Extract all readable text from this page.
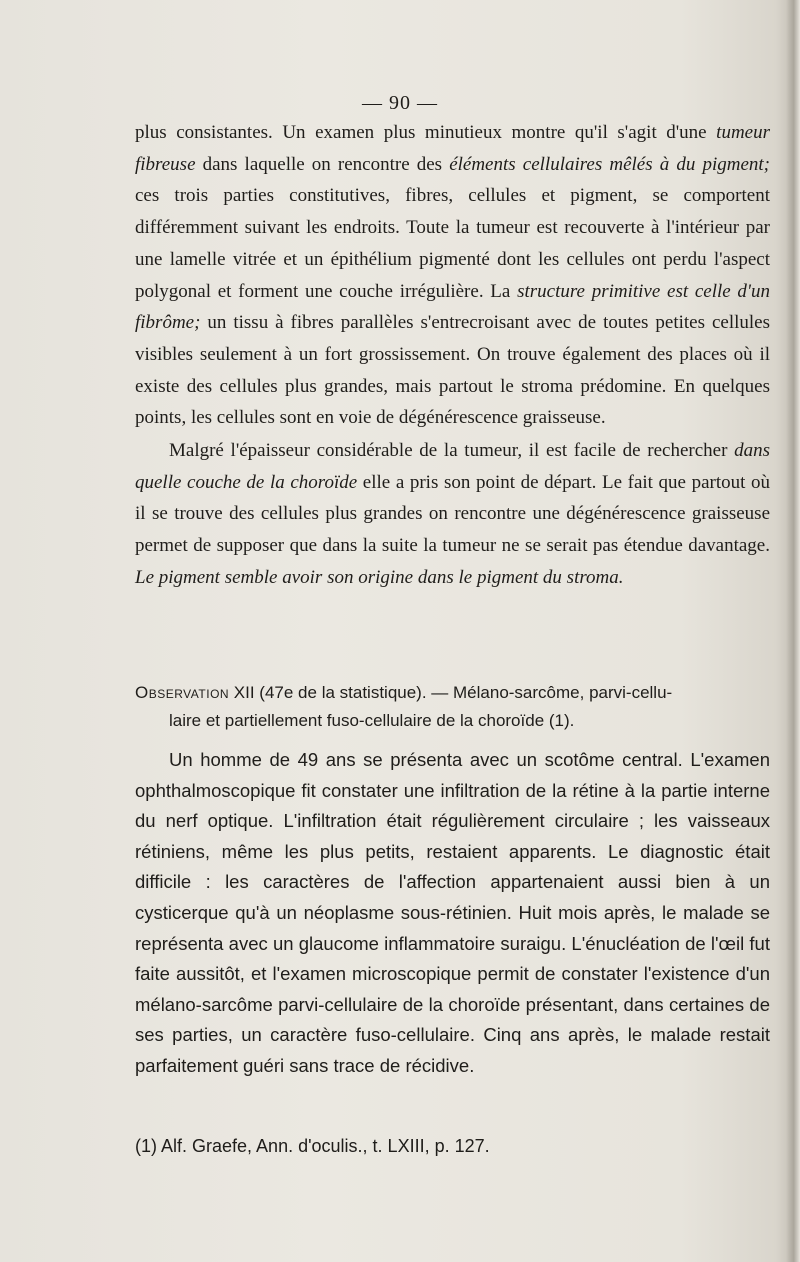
— 90 —
plus consistantes. Un examen plus minutieux montre qu'il s'agit d'une tumeur fibreuse dans laquelle on rencontre des éléments cellulaires mêlés à du pigment; ces trois parties constitutives, fibres, cellules et pigment, se comportent différemment suivant les endroits. Toute la tumeur est recouverte à l'intérieur par une lamelle vitrée et un épithélium pigmenté dont les cellules ont perdu l'aspect polygonal et forment une couche irrégulière. La structure primitive est celle d'un fibrôme; un tissu à fibres parallèles s'entrecroisant avec de toutes petites cellules visibles seulement à un fort grossissement. On trouve également des places où il existe des cellules plus grandes, mais partout le stroma prédomine. En quelques points, les cellules sont en voie de dégénérescence graisseuse.
Malgré l'épaisseur considérable de la tumeur, il est facile de rechercher dans quelle couche de la choroïde elle a pris son point de départ. Le fait que partout où il se trouve des cellules plus grandes on rencontre une dégénérescence graisseuse permet de supposer que dans la suite la tumeur ne se serait pas étendue davantage. Le pigment semble avoir son origine dans le pigment du stroma.
Observation XII (47e de la statistique). — Mélano-sarcôme, parvi-cellu-
laire et partiellement fuso-cellulaire de la choroïde (1).
Un homme de 49 ans se présenta avec un scotôme central. L'examen ophthalmoscopique fit constater une infiltration de la rétine à la partie interne du nerf optique. L'infiltration était régulièrement circulaire ; les vaisseaux rétiniens, même les plus petits, restaient apparents. Le diagnostic était difficile : les caractères de l'affection appartenaient aussi bien à un cysticerque qu'à un néoplasme sous-rétinien. Huit mois après, le malade se représenta avec un glaucome inflammatoire suraigu. L'énucléation de l'œil fut faite aussitôt, et l'examen microscopique permit de constater l'existence d'un mélano-sarcôme parvi-cellulaire de la choroïde présentant, dans certaines de ses parties, un caractère fuso-cellulaire. Cinq ans après, le malade restait parfaitement guéri sans trace de récidive.
(1) Alf. Graefe, Ann. d'oculis., t. LXIII, p. 127.
